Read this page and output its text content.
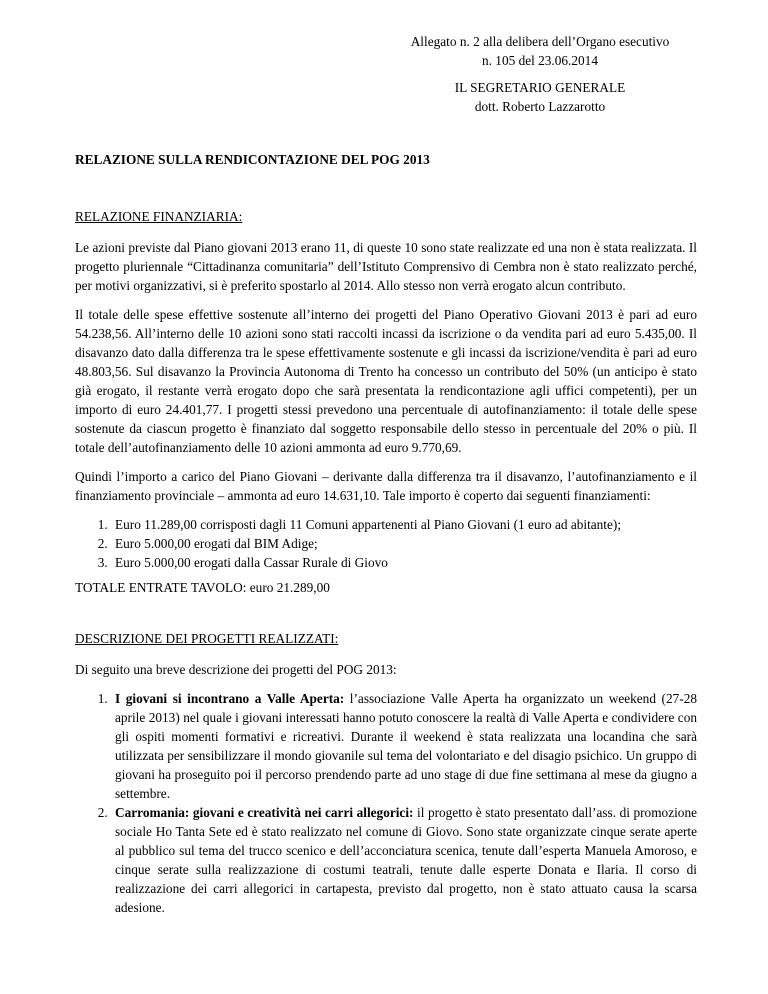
Allegato n. 2 alla delibera dell’Organo esecutivo
n. 105 del 23.06.2014
IL SEGRETARIO GENERALE
dott. Roberto Lazzarotto

RELAZIONE SULLA RENDICONTAZIONE DEL POG 2013

RELAZIONE FINANZIARIA:

Le azioni previste dal Piano giovani 2013 erano 11, di queste 10 sono state realizzate ed una non è stata realizzata. Il progetto pluriennale “Cittadinanza comunitaria” dell’Istituto Comprensivo di Cembra non è stato realizzato perché, per motivi organizzativi, si è preferito spostarlo al 2014. Allo stesso non verrà erogato alcun contributo.

Il totale delle spese effettive sostenute all’interno dei progetti del Piano Operativo Giovani 2013 è pari ad euro 54.238,56. All’interno delle 10 azioni sono stati raccolti incassi da iscrizione o da vendita pari ad euro 5.435,00. Il disavanzo dato dalla differenza tra le spese effettivamente sostenute e gli incassi da iscrizione/vendita è pari ad euro 48.803,56. Sul disavanzo la Provincia Autonoma di Trento ha concesso un contributo del 50% (un anticipo è stato già erogato, il restante verrà erogato dopo che sarà presentata la rendicontazione agli uffici competenti), per un importo di euro 24.401,77. I progetti stessi prevedono una percentuale di autofinanziamento: il totale delle spese sostenute da ciascun progetto è finanziato dal soggetto responsabile dello stesso in percentuale del 20% o più. Il totale dell’autofinanziamento delle 10 azioni ammonta ad euro 9.770,69.

Quindi l’importo a carico del Piano Giovani – derivante dalla differenza tra il disavanzo, l’autofinanziamento e il finanziamento provinciale – ammonta ad euro 14.631,10. Tale importo è coperto dai seguenti finanziamenti:

1. Euro 11.289,00 corrisposti dagli 11 Comuni appartenenti al Piano Giovani (1 euro ad abitante);
2. Euro 5.000,00 erogati dal BIM Adige;
3. Euro 5.000,00 erogati dalla Cassar Rurale di Giovo

TOTALE ENTRATE TAVOLO: euro 21.289,00

DESCRIZIONE DEI PROGETTI REALIZZATI:

Di seguito una breve descrizione dei progetti del POG 2013:

1. I giovani si incontrano a Valle Aperta: l’associazione Valle Aperta ha organizzato un weekend (27-28 aprile 2013) nel quale i giovani interessati hanno potuto conoscere la realtà di Valle Aperta e condividere con gli ospiti momenti formativi e ricreativi. Durante il weekend è stata realizzata una locandina che sarà utilizzata per sensibilizzare il mondo giovanile sul tema del volontariato e del disagio psichico. Un gruppo di giovani ha proseguito poi il percorso prendendo parte ad uno stage di due fine settimana al mese da giugno a settembre.
2. Carromania: giovani e creatività nei carri allegorici: il progetto è stato presentato dall’ass. di promozione sociale Ho Tanta Sete ed è stato realizzato nel comune di Giovo. Sono state organizzate cinque serate aperte al pubblico sul tema del trucco scenico e dell’acconciatura scenica, tenute dall’esperta Manuela Amoroso, e cinque serate sulla realizzazione di costumi teatrali, tenute dalle esperte Donata e Ilaria. Il corso di realizzazione dei carri allegorici in cartapesta, previsto dal progetto, non è stato attuato causa la scarsa adesione.
